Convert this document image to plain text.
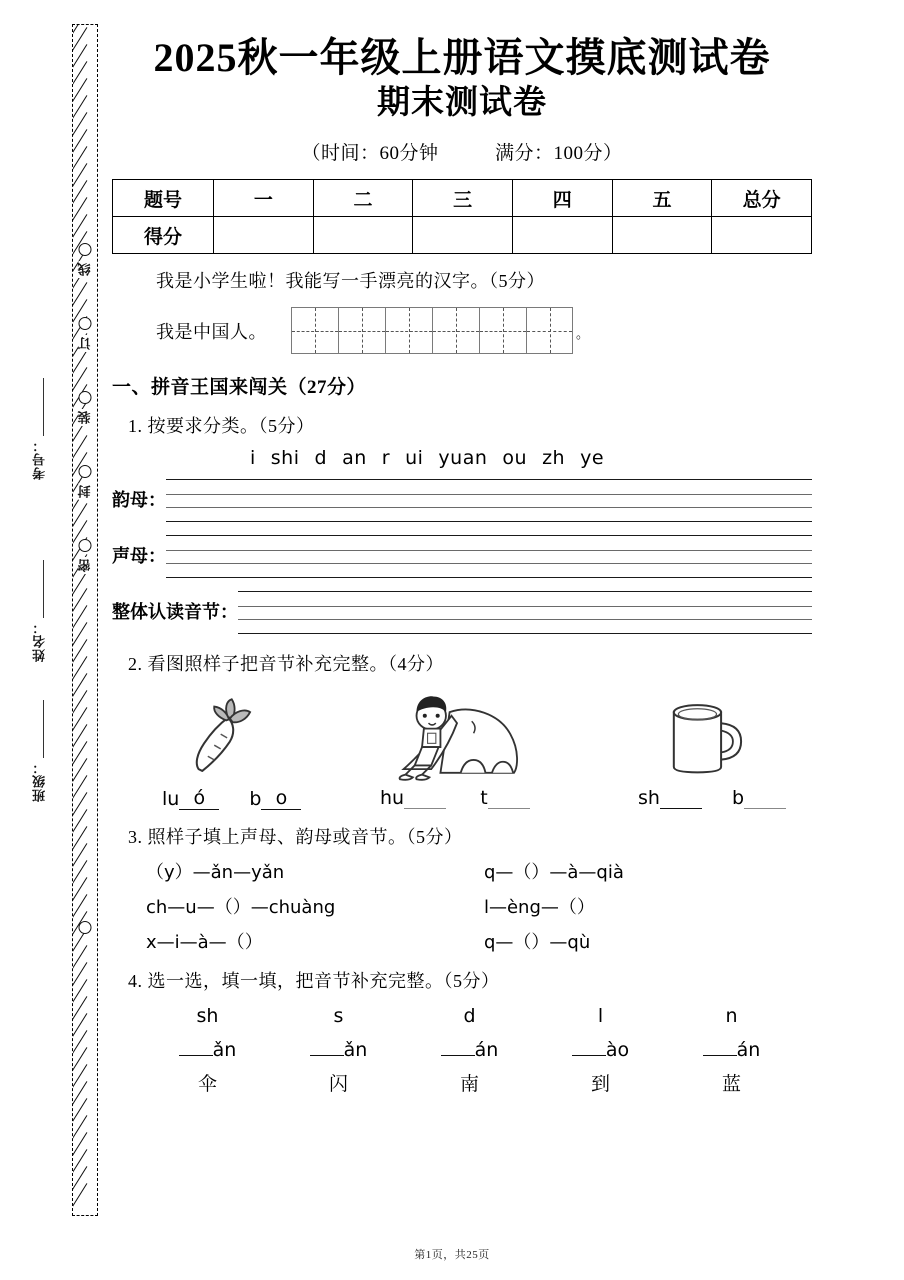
线
订
装
封
密
考号：
姓名：
班级：
2025秋一年级上册语文摸底测试卷
期末测试卷
（时间：60分钟	满分：100分）
题号	一	二	三	四	五	总分
得分						
我是小学生啦！我能写一手漂亮的汉字。（5分）
我是中国人。	。
一、拼音王国来闯关（27分）
1. 按要求分类。（5分）
i shi d an r ui yuan ou zh ye
韵母：
声母：
整体认读音节：
2. 看图照样子把音节补充完整。（4分）
lu ó b o	hu	t	sh	b
3. 照样子填上声母、韵母或音节。（5分）
（y）—ǎn—yǎn	q—（）—à—qià
ch—u—（）—chuàng	l—èng—（）
x—i—à—（）	q—（）—qù
4. 选一选，填一填，把音节补充完整。（5分）
sh	s	d	l	n
ǎn	ǎn	án	ào	án
伞	闪	南	到	蓝
第1页，共25页
